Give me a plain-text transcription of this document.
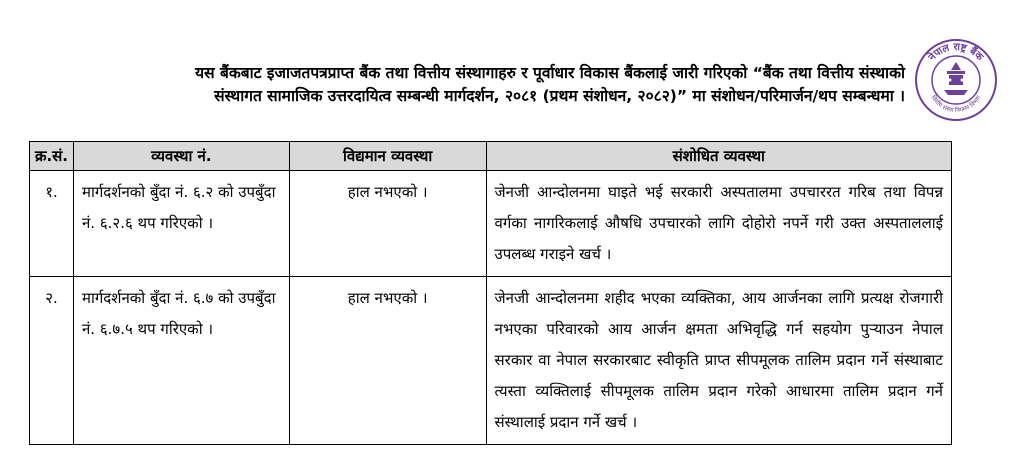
यस बैंकबाट इजाजतपत्रप्राप्त बैंक तथा वित्तीय संस्थागाहरु र पूर्वाधार विकास बैंकलाई जारी गरिएको “बैंक तथा वित्तीय संस्थाको
संस्थागत सामाजिक उत्तरदायित्व सम्बन्धी मार्गदर्शन, २०८१ (प्रथम संशोधन, २०८२)” मा संशोधन/परिमार्जन/थप सम्बन्धमा ।
नेपाल राष्ट्र बैंक
वित्तीय संस्था नियमन विभाग
क्र.सं.	व्यवस्था नं.	विद्यमान व्यवस्था	संशोधित व्यवस्था
१.	मार्गदर्शनको बुँदा नं. ६.२ को उपबुँदा नं. ६.२.६ थप गरिएको ।	हाल नभएको ।	जेनजी आन्दोलनमा घाइते भई सरकारी अस्पतालमा उपचाररत गरिब तथा विपन्न वर्गका नागरिकलाई औषधि उपचारको लागि दोहोरो नपर्ने गरी उक्त अस्पताललाई उपलब्ध गराइने खर्च ।
२.	मार्गदर्शनको बुँदा नं. ६.७ को उपबुँदा नं. ६.७.५ थप गरिएको ।	हाल नभएको ।	जेनजी आन्दोलनमा शहीद भएका व्यक्तिका, आय आर्जनका लागि प्रत्यक्ष रोजगारी नभएका परिवारको आय आर्जन क्षमता अभिवृद्धि गर्न सहयोग पुऱ्याउन नेपाल सरकार वा नेपाल सरकारबाट स्वीकृति प्राप्त सीपमूलक तालिम प्रदान गर्ने संस्थाबाट त्यस्ता व्यक्तिलाई सीपमूलक तालिम प्रदान गरेको आधारमा तालिम प्रदान गर्ने संस्थालाई प्रदान गर्ने खर्च ।
